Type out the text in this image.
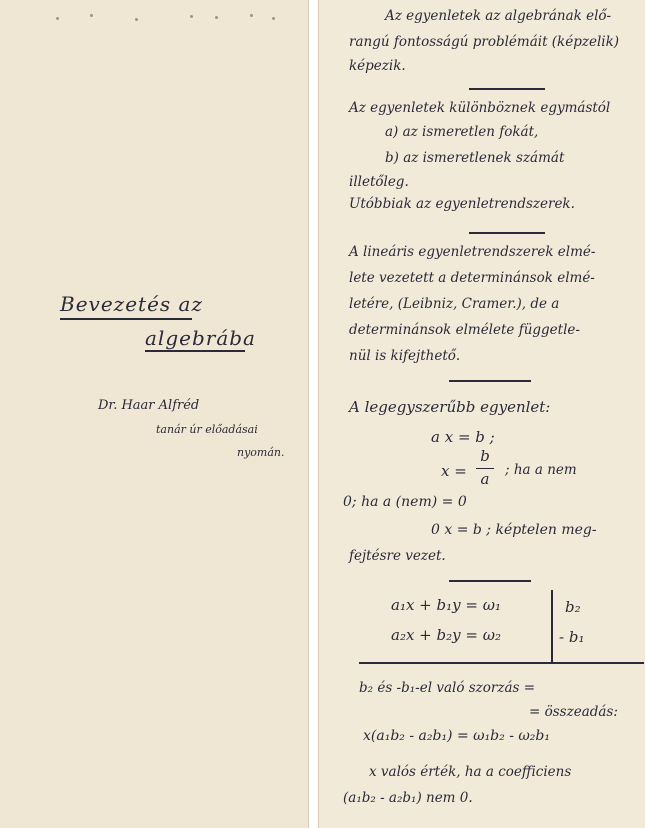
Bevezetés az
algebrába
Dr. Haar Alfréd
tanár úr előadásai
nyomán.
Az egyenletek az algebrának elő-
rangú fontosságú problémáit (képzelik)
képezik.
Az egyenletek különböznek egymástól
a) az ismeretlen fokát,
b) az ismeretlenek számát
illetőleg.
Utóbbiak az egyenletrendszerek.
A lineáris egyenletrendszerek elmé-
lete vezetett a determinánsok elmé-
letére, (Leibniz, Cramer.), de a
determinánsok elmélete függetle-
nül is kifejthető.
A legegyszerűbb egyenlet:
a x = b ;
x =
b
a	; ha a nem
0; ha a (nem) = 0
0 x = b ; képtelen meg-
fejtésre vezet.
a₁x + b₁y = ω₁
a₂x + b₂y = ω₂
b₂
- b₁
b₂ és -b₁-el való szorzás =
= összeadás:
x(a₁b₂ - a₂b₁) = ω₁b₂ - ω₂b₁
x valós érték, ha a coefficiens
(a₁b₂ - a₂b₁) nem 0.
